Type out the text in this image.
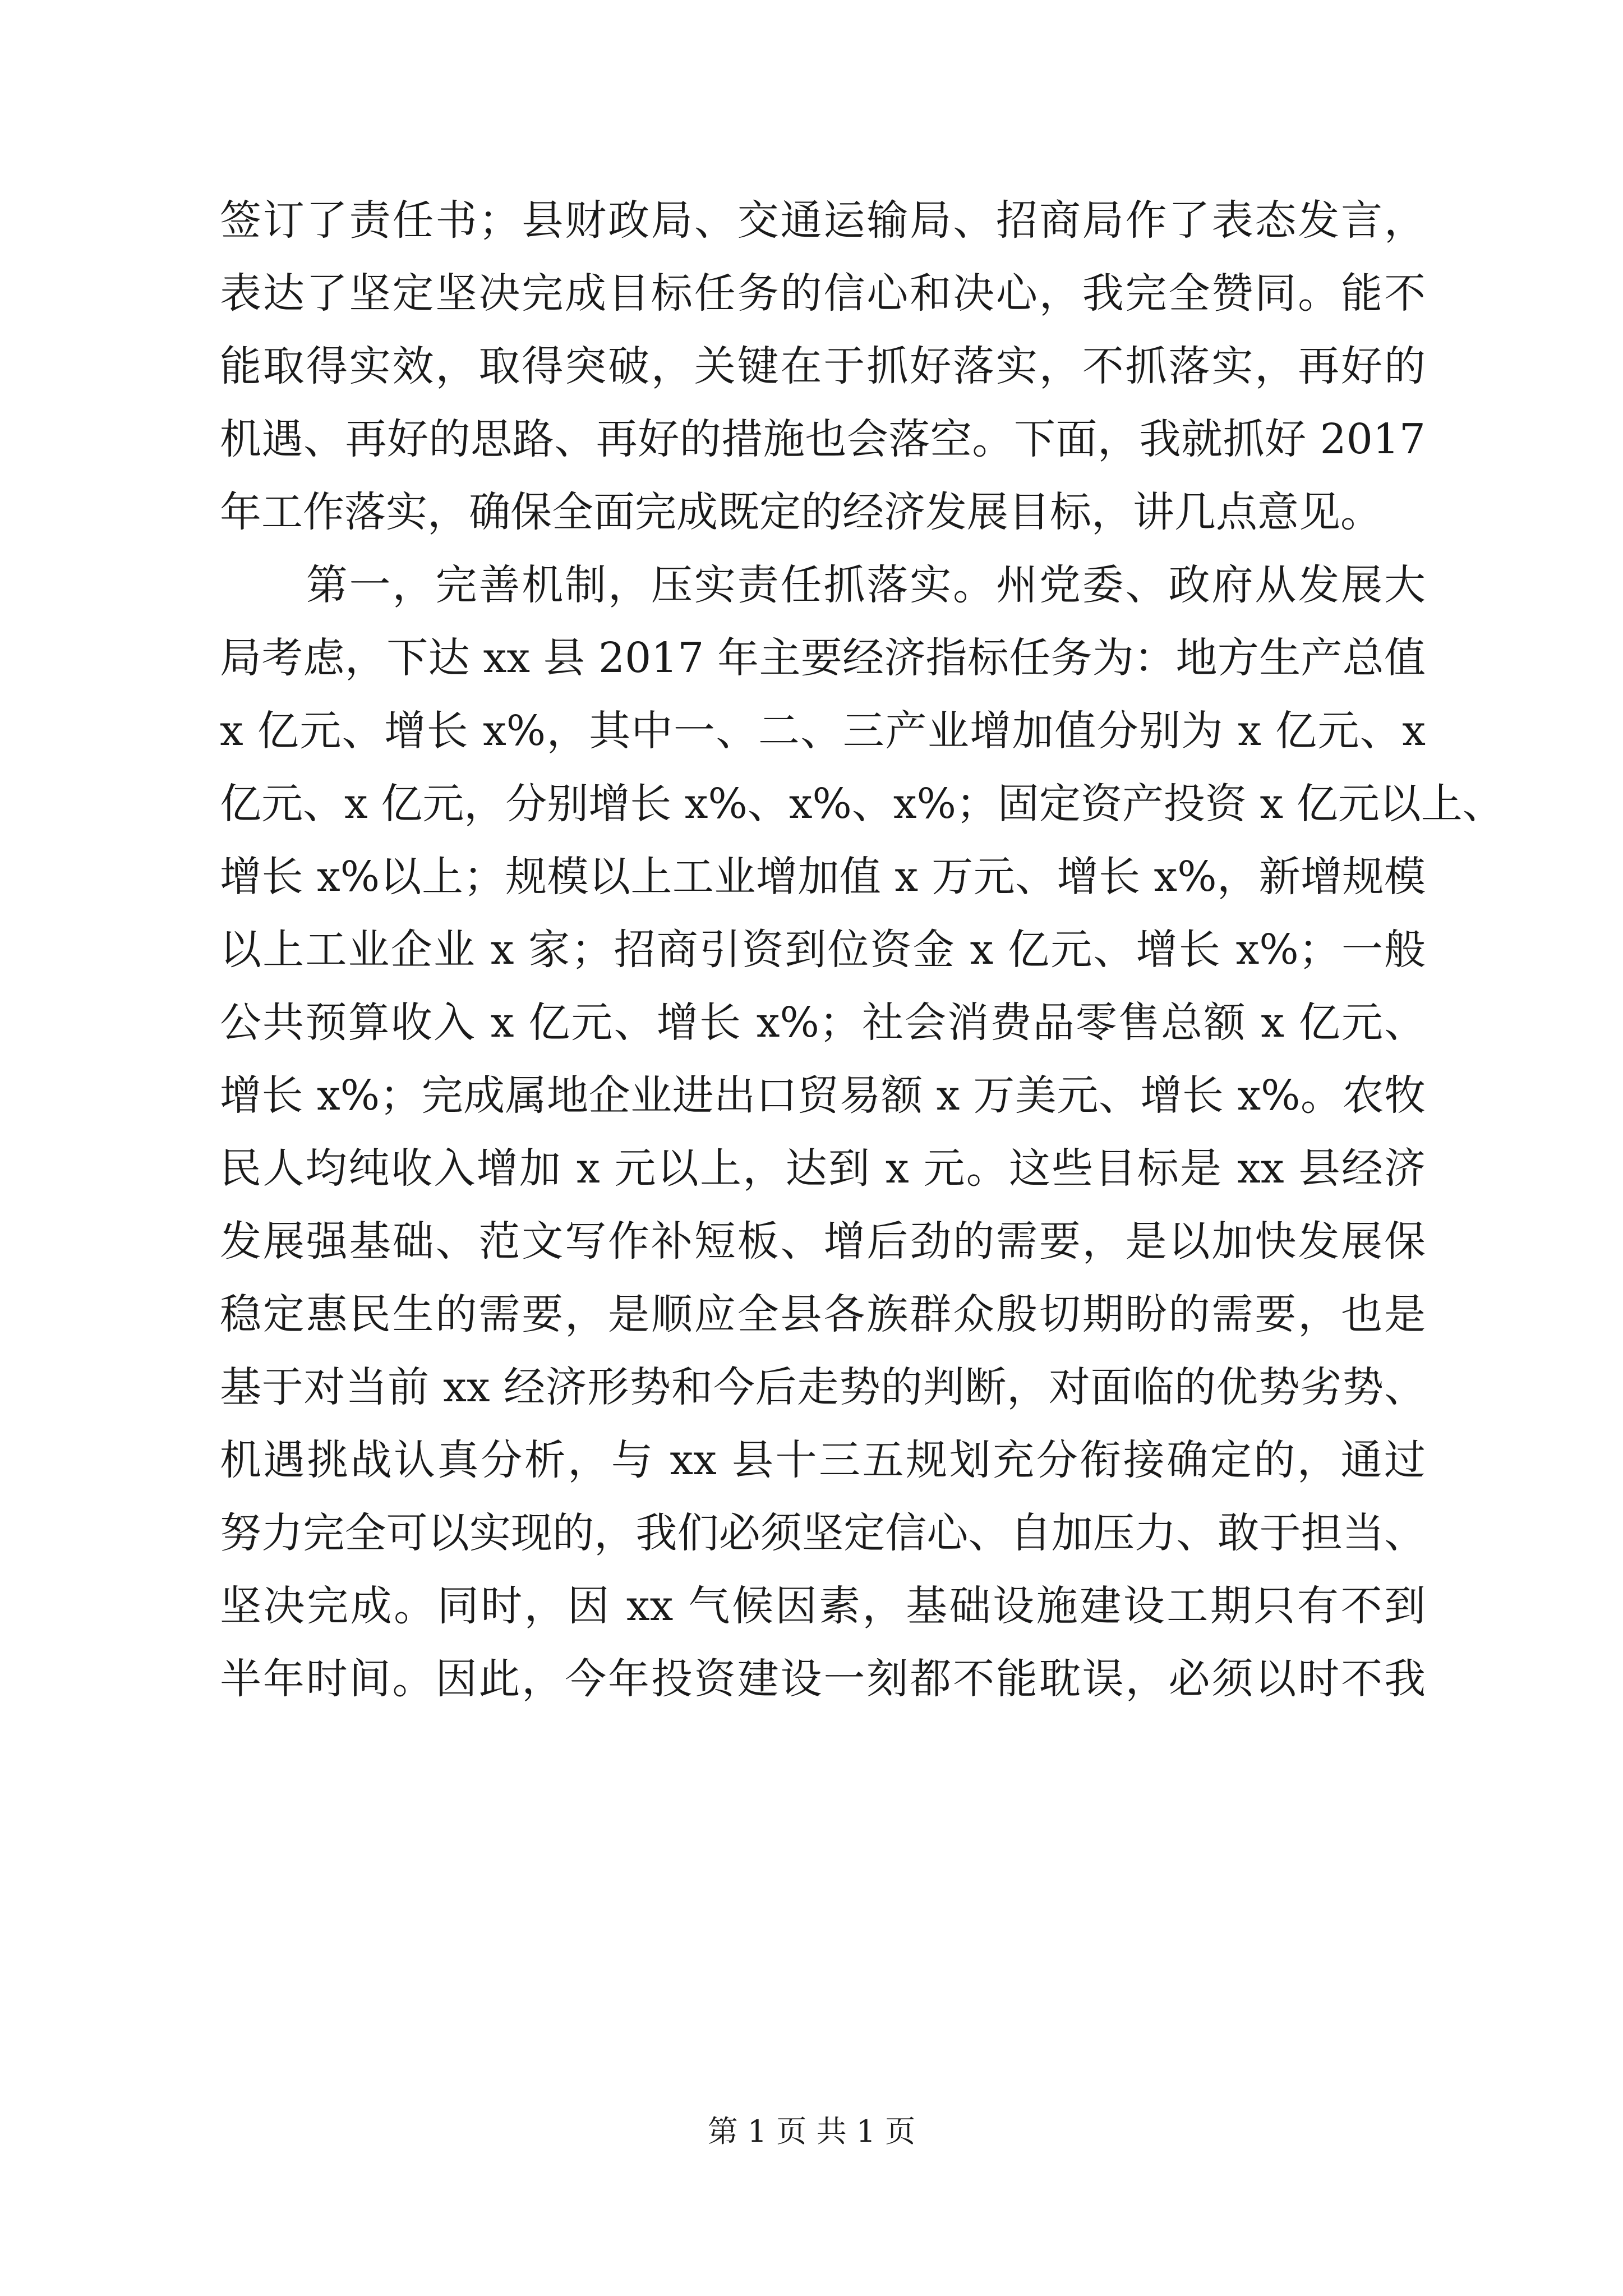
签订了责任书；县财政局、交通运输局、招商局作了表态发言，
表达了坚定坚决完成目标任务的信心和决心，我完全赞同。能不
能取得实效，取得突破，关键在于抓好落实，不抓落实，再好的
机遇、再好的思路、再好的措施也会落空。下面，我就抓好 2017
年工作落实，确保全面完成既定的经济发展目标，讲几点意见。
　　第一，完善机制，压实责任抓落实。州党委、政府从发展大
局考虑，下达 xx 县 2017 年主要经济指标任务为：地方生产总值
x 亿元、增长 x%，其中一、二、三产业增加值分别为 x 亿元、x
亿元、x 亿元，分别增长 x%、x%、x%；固定资产投资 x 亿元以上、
增长 x%以上；规模以上工业增加值 x 万元、增长 x%，新增规模
以上工业企业 x 家；招商引资到位资金 x 亿元、增长 x%；一般
公共预算收入 x 亿元、增长 x%；社会消费品零售总额 x 亿元、
增长 x%；完成属地企业进出口贸易额 x 万美元、增长 x%。农牧
民人均纯收入增加 x 元以上，达到 x 元。这些目标是 xx 县经济
发展强基础、范文写作补短板、增后劲的需要，是以加快发展保
稳定惠民生的需要，是顺应全县各族群众殷切期盼的需要，也是
基于对当前 xx 经济形势和今后走势的判断，对面临的优势劣势、
机遇挑战认真分析，与 xx 县十三五规划充分衔接确定的，通过
努力完全可以实现的，我们必须坚定信心、自加压力、敢于担当、
坚决完成。同时，因 xx 气候因素，基础设施建设工期只有不到
半年时间。因此，今年投资建设一刻都不能耽误，必须以时不我
第 1 页 共 1 页
